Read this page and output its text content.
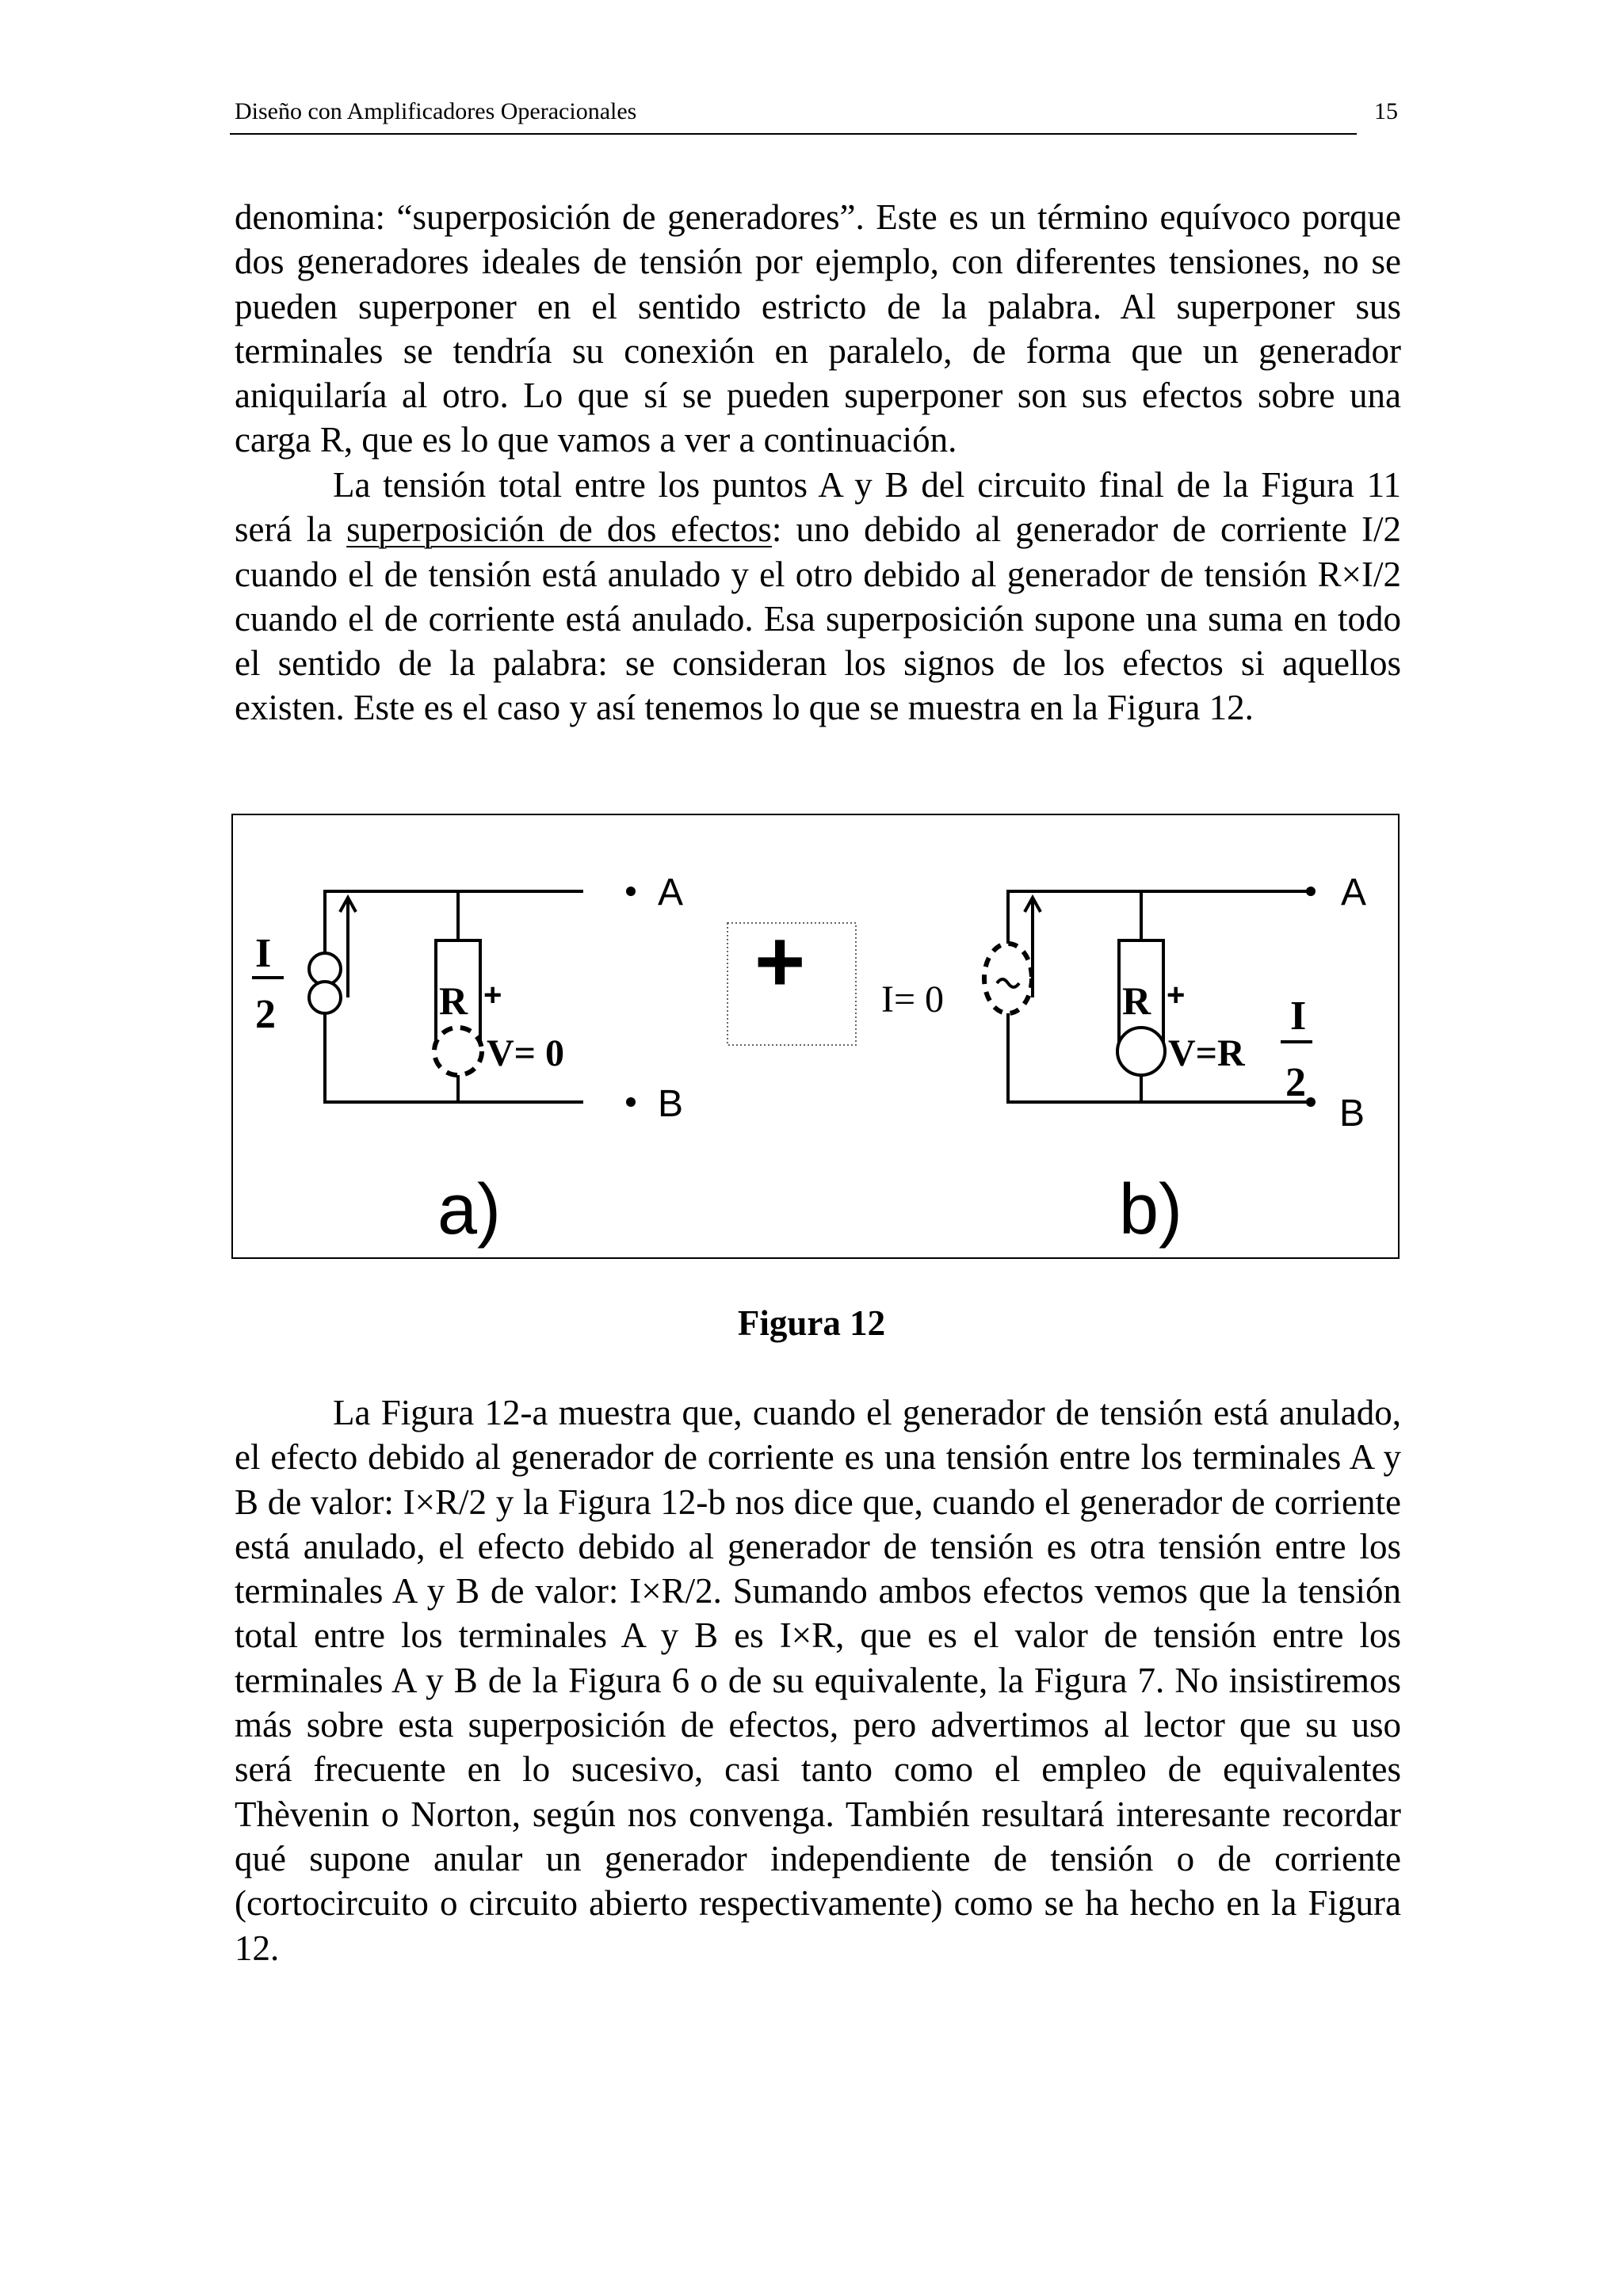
Diseño con Amplificadores Operacionales	15

denomina: “superposición de generadores”. Este es un término equívoco porque dos generadores ideales de tensión por ejemplo, con diferentes tensiones, no se pueden superponer en el sentido estricto de la palabra. Al superponer sus terminales se tendría su conexión en paralelo, de forma que un generador aniquilaría al otro. Lo que sí se pueden superponer son sus efectos sobre una carga R, que es lo que vamos a ver a continuación.

La tensión total entre los puntos A y B del circuito final de la Figura 11 será la superposición de dos efectos: uno debido al generador de corriente I/2 cuando el de tensión está anulado y el otro debido al generador de tensión R×I/2 cuando el de corriente está anulado. Esa superposición supone una suma en todo el sentido de la palabra: se consideran los signos de los efectos si aquellos existen. Este es el caso y así tenemos lo que se muestra en la Figura 12.

A
B
R +
V= 0
I
2
a)
+ I= 0
A
B
R +
V=R
I
2
b)
Figura 12

La Figura 12-a muestra que, cuando el generador de tensión está anulado, el efecto debido al generador de corriente es una tensión entre los terminales A y B de valor: I×R/2 y la Figura 12-b nos dice que, cuando el generador de corriente está anulado, el efecto debido al generador de tensión es otra tensión entre los terminales A y B de valor: I×R/2. Sumando ambos efectos vemos que la tensión total entre los terminales A y B es I×R, que es el valor de tensión entre los terminales A y B de la Figura 6 o de su equivalente, la Figura 7. No insistiremos más sobre esta superposición de efectos, pero advertimos al lector que su uso será frecuente en lo sucesivo, casi tanto como el empleo de equivalentes Thèvenin o Norton, según nos convenga. También resultará interesante recordar qué supone anular un generador independiente de tensión o de corriente (cortocircuito o circuito abierto respectivamente) como se ha hecho en la Figura 12.
